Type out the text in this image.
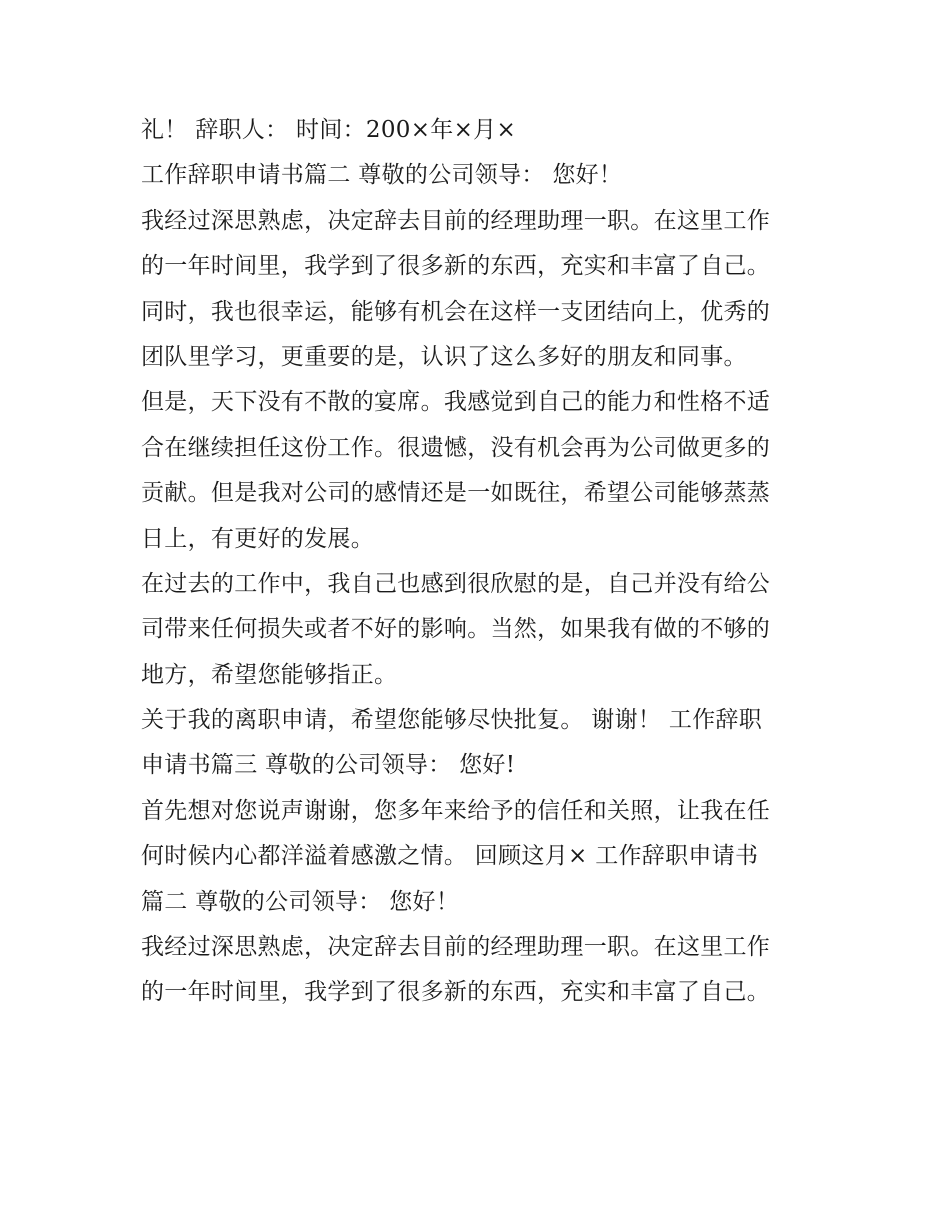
礼！ 辞职人： 时间：200×年×月×
工作辞职申请书篇二 尊敬的公司领导： 您好！
我经过深思熟虑，决定辞去目前的经理助理一职。在这里工作
的一年时间里，我学到了很多新的东西，充实和丰富了自己。
同时，我也很幸运，能够有机会在这样一支团结向上，优秀的
团队里学习，更重要的是，认识了这么多好的朋友和同事。
但是，天下没有不散的宴席。我感觉到自己的能力和性格不适
合在继续担任这份工作。很遗憾，没有机会再为公司做更多的
贡献。但是我对公司的感情还是一如既往，希望公司能够蒸蒸
日上，有更好的发展。
在过去的工作中，我自己也感到很欣慰的是，自己并没有给公
司带来任何损失或者不好的影响。当然，如果我有做的不够的
地方，希望您能够指正。
关于我的离职申请，希望您能够尽快批复。 谢谢！ 工作辞职
申请书篇三 尊敬的公司领导： 您好!
首先想对您说声谢谢，您多年来给予的信任和关照，让我在任
何时候内心都洋溢着感激之情。 回顾这月× 工作辞职申请书
篇二 尊敬的公司领导： 您好！
我经过深思熟虑，决定辞去目前的经理助理一职。在这里工作
的一年时间里，我学到了很多新的东西，充实和丰富了自己。
